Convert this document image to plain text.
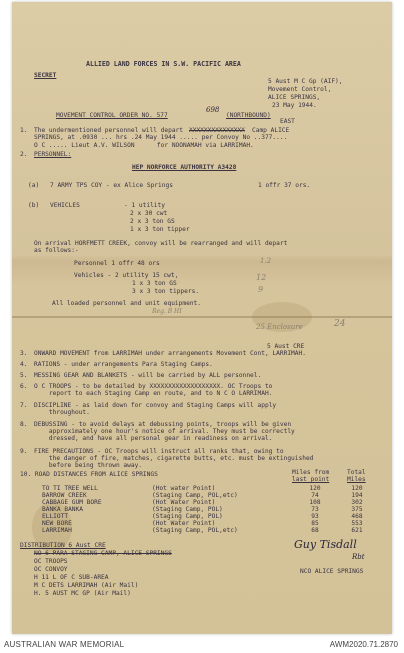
ALLIED LAND FORCES IN S.W. PACIFIC AREA
SECRET
5 Aust M C Gp (AIF),
Movement Control,
ALICE SPRINGS,
23 May 1944.
MOVEMENT CONTROL ORDER NO. 577
698
(NORTHBOUND)
EAST
1. The undermentioned personnel will depart XXXXXXXXXXXXXXX Camp ALICE
SPRINGS, at .0930 ... hrs .24 May 1944 ..... per Convoy No ..377....
O C ..... Lieut A.V. WILSON      for NOONAMAH via LARRIMAH.
2. PERSONNEL:
HEP NORFORCE AUTHORITY A3428
(a) 7 ARMY TPS COY - ex Alice Springs	1 offr 37 ors.
(b) VEHICLES	- 1 utility
2 x 30 cwt
2 x 3 ton GS
1 x 3 ton tipper
On arrival HORFMETT CREEK, convoy will be rearranged and will depart
as follows:-
Personnel 1 offr 48 ors
Vehicles - 2 utility 15 cwt,
1 x 3 ton GS
3 x 3 ton tippers.
All loaded personnel and unit equipment.
1.2
12
9
Reg. B HI
25 Enclosure	24
5 Aust CRE
3. ONWARD MOVEMENT from LARRIMAH under arrangements Movement Cont, LARRIMAH.
4. RATIONS - under arrangements Para Staging Camps.
5. MESSING GEAR AND BLANKETS - will be carried by ALL personnel.
6. O C TROOPS - to be detailed by XXXXXXXXXXXXXXXXXXX. OC Troops to
report to each Staging Camp en route, and to N C O LARRIMAH.
7. DISCIPLINE - as laid down for convoy and Staging Camps will apply
throughout.
8. DEBUSSING - to avoid delays at debussing points, troops will be given
approximately one hour's notice of arrival. They must be correctly
dressed, and have all personal gear in readiness on arrival.
9. FIRE PRECAUTIONS - OC Troops will instruct all ranks that, owing to
the danger of fire, matches, cigarette butts, etc. must be extinguished
before being thrown away.
10. ROAD DISTANCES FROM ALICE SPRINGS	Miles from	Total
last point	Miles
TO TI TREE WELL	(Hot water Point)	120	120
BARROW CREEK	(Staging Camp, POL,etc)	74	194
CABBAGE GUM BORE	(Hot Water Point)	108	302
BANKA BANKA	(Staging Camp, POL)	73	375
ELLIOTT	(Staging Camp, POL)	93	468
NEW BORE	(Hot Water Point)	85	553
LARRIMAH	(Staging Camp, POL,etc)	68	621
DISTRIBUTION 6 Aust CRE
NO 6 PARA STAGING CAMP, ALICE SPRINGS
OC TROOPS
OC CONVOY
H 11 L OF C SUB-AREA
M C DETS LARRIMAH (Air Mail)
H. 5 AUST MC GP (Air Mail)
Guy Tisdall
Rbt
NCO ALICE SPRINGS
AUSTRALIAN WAR MEMORIAL	AWM2020.71.2870
